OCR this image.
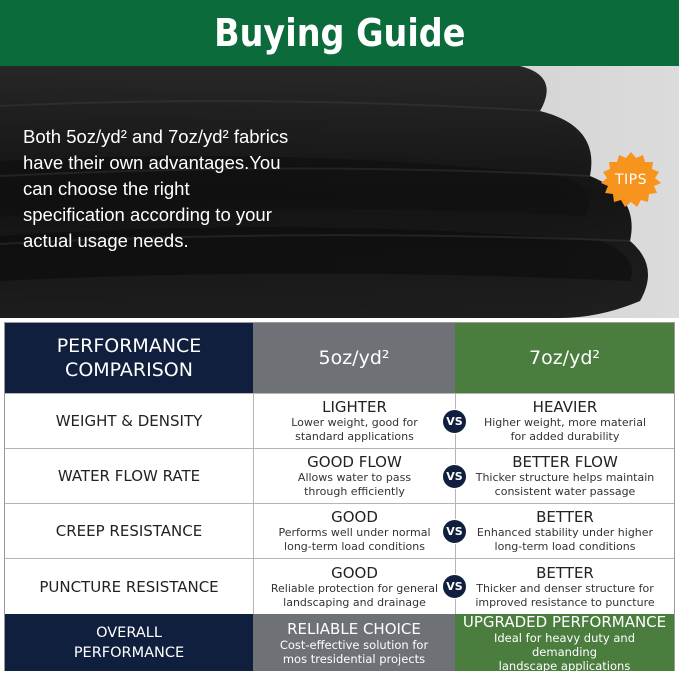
Buying Guide
Both 5oz/yd² and 7oz/yd² fabrics
have their own advantages.You
can choose the right
specification according to your
actual usage needs.
TIPS
PERFORMANCE
COMPARISON
5oz/yd²	7oz/yd²
WEIGHT & DENSITY
LIGHTER
Lower weight, good for
standard applications
HEAVIER
Higher weight, more material
for added durability
VS
WATER FLOW RATE
GOOD FLOW
Allows water to pass
through efficiently
BETTER FLOW
Thicker structure helps maintain
consistent water passage
VS
CREEP RESISTANCE
GOOD
Performs well under normal
long-term load conditions
BETTER
Enhanced stability under higher
long-term load conditions
VS
PUNCTURE RESISTANCE
GOOD
Reliable protection for general
landscaping and drainage
BETTER
Thicker and denser structure for
improved resistance to puncture
VS
OVERALL
PERFORMANCE
RELIABLE CHOICE
Cost-effective solution for
mos tresidential projects
UPGRADED PERFORMANCE
Ideal for heavy duty and demanding
landscape applications
